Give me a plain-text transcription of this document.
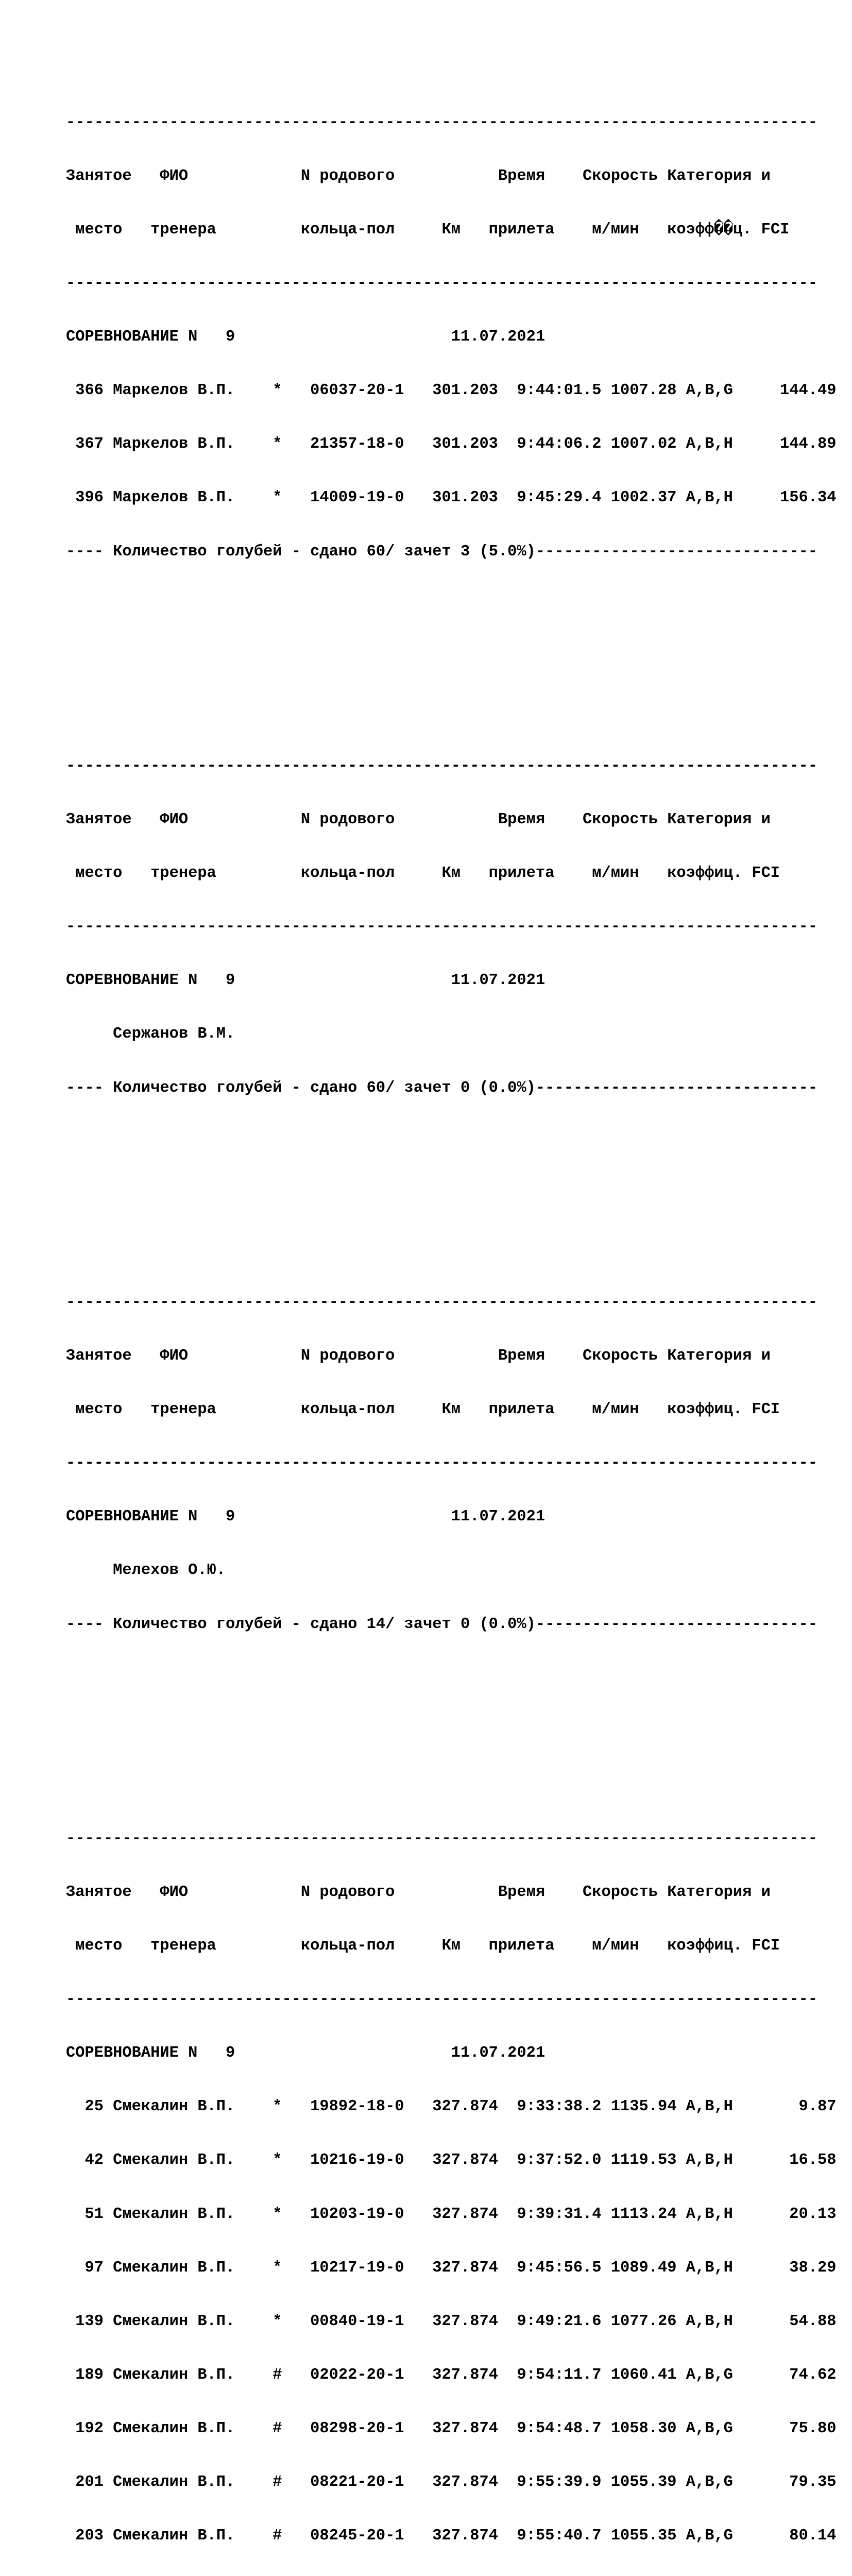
--------------------------------------------------------------------------------

Занятое   ФИО            N родового           Время    Скорость Категория и

место   тренера         кольца-пол     Км   прилета    м/мин   коэфф��ц. FCI

--------------------------------------------------------------------------------

СОРЕВНОВАНИЕ N   9                       11.07.2021

366 Маркелов В.П.    *   06037-20-1   301.203  9:44:01.5 1007.28 A,B,G     144.49

367 Маркелов В.П.    *   21357-18-0   301.203  9:44:06.2 1007.02 A,B,H     144.89

396 Маркелов В.П.    *   14009-19-0   301.203  9:45:29.4 1002.37 A,B,H     156.34

---- Количество голубей - сдано 60/ зачет 3 (5.0%)------------------------------

--------------------------------------------------------------------------------

Занятое   ФИО            N родового           Время    Скорость Категория и

место   тренера         кольца-пол     Км   прилета    м/мин   коэффиц. FCI

--------------------------------------------------------------------------------

СОРЕВНОВАНИЕ N   9                       11.07.2021

Сержанов В.М.

---- Количество голубей - сдано 60/ зачет 0 (0.0%)------------------------------

--------------------------------------------------------------------------------

Занятое   ФИО            N родового           Время    Скорость Категория и

место   тренера         кольца-пол     Км   прилета    м/мин   коэффиц. FCI

--------------------------------------------------------------------------------

СОРЕВНОВАНИЕ N   9                       11.07.2021

Мелехов О.Ю.

---- Количество голубей - сдано 14/ зачет 0 (0.0%)------------------------------

--------------------------------------------------------------------------------

Занятое   ФИО            N родового           Время    Скорость Категория и

место   тренера         кольца-пол     Км   прилета    м/мин   коэффиц. FCI

--------------------------------------------------------------------------------

СОРЕВНОВАНИЕ N   9                       11.07.2021

25 Смекалин В.П.    *   19892-18-0   327.874  9:33:38.2 1135.94 A,B,H       9.87

42 Смекалин В.П.    *   10216-19-0   327.874  9:37:52.0 1119.53 A,B,H      16.58

51 Смекалин В.П.    *   10203-19-0   327.874  9:39:31.4 1113.24 A,B,H      20.13

97 Смекалин В.П.    *   10217-19-0   327.874  9:45:56.5 1089.49 A,B,H      38.29

139 Смекалин В.П.    *   00840-19-1   327.874  9:49:21.6 1077.26 A,B,H      54.88

189 Смекалин В.П.    #   02022-20-1   327.874  9:54:11.7 1060.41 A,B,G      74.62

192 Смекалин В.П.    #   08298-20-1   327.874  9:54:48.7 1058.30 A,B,G      75.80

201 Смекалин В.П.    #   08221-20-1   327.874  9:55:39.9 1055.39 A,B,G      79.35

203 Смекалин В.П.    #   08245-20-1   327.874  9:55:40.7 1055.35 A,B,G      80.14
